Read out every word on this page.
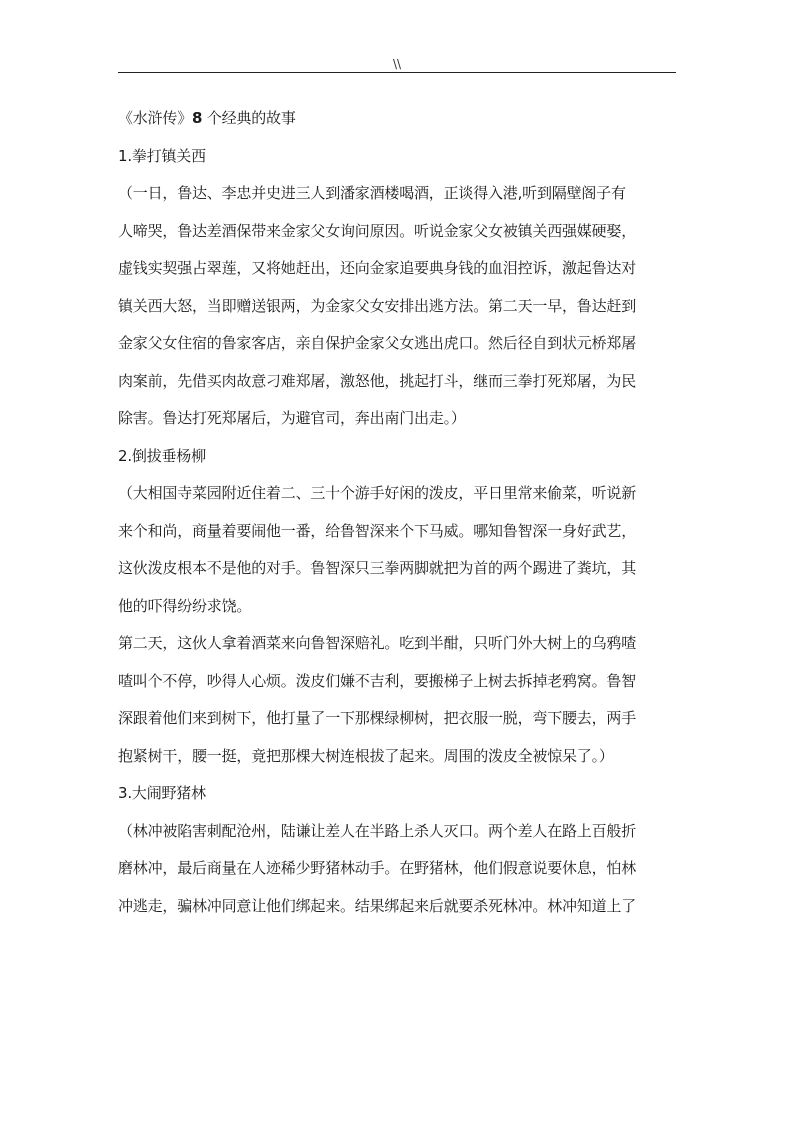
\\
《水浒传》8 个经典的故事
1.拳打镇关西
（一日，鲁达、李忠并史进三人到潘家酒楼喝酒，正谈得入港,听到隔壁阁子有
人啼哭，鲁达差酒保带来金家父女询问原因。听说金家父女被镇关西强媒硬娶，
虚钱实契强占翠莲，又将她赶出，还向金家追要典身钱的血泪控诉，激起鲁达对
镇关西大怒，当即赠送银两，为金家父女安排出逃方法。第二天一早，鲁达赶到
金家父女住宿的鲁家客店，亲自保护金家父女逃出虎口。然后径自到状元桥郑屠
肉案前，先借买肉故意刁难郑屠，激怒他，挑起打斗，继而三拳打死郑屠，为民
除害。鲁达打死郑屠后，为避官司，奔出南门出走。）
2.倒拔垂杨柳
（大相国寺菜园附近住着二、三十个游手好闲的泼皮，平日里常来偷菜，听说新
来个和尚，商量着要闹他一番，给鲁智深来个下马威。哪知鲁智深一身好武艺，
这伙泼皮根本不是他的对手。鲁智深只三拳两脚就把为首的两个踢进了粪坑，其
他的吓得纷纷求饶。
第二天，这伙人拿着酒菜来向鲁智深赔礼。吃到半酣，只听门外大树上的乌鸦喳
喳叫个不停，吵得人心烦。泼皮们嫌不吉利，要搬梯子上树去拆掉老鸦窝。鲁智
深跟着他们来到树下，他打量了一下那棵绿柳树，把衣服一脱，弯下腰去，两手
抱紧树干，腰一挺，竟把那棵大树连根拔了起来。周围的泼皮全被惊呆了。）
3.大闹野猪林
（林冲被陷害刺配沧州，陆谦让差人在半路上杀人灭口。两个差人在路上百般折
磨林冲，最后商量在人迹稀少野猪林动手。在野猪林，他们假意说要休息，怕林
冲逃走，骗林冲同意让他们绑起来。结果绑起来后就要杀死林冲。林冲知道上了
